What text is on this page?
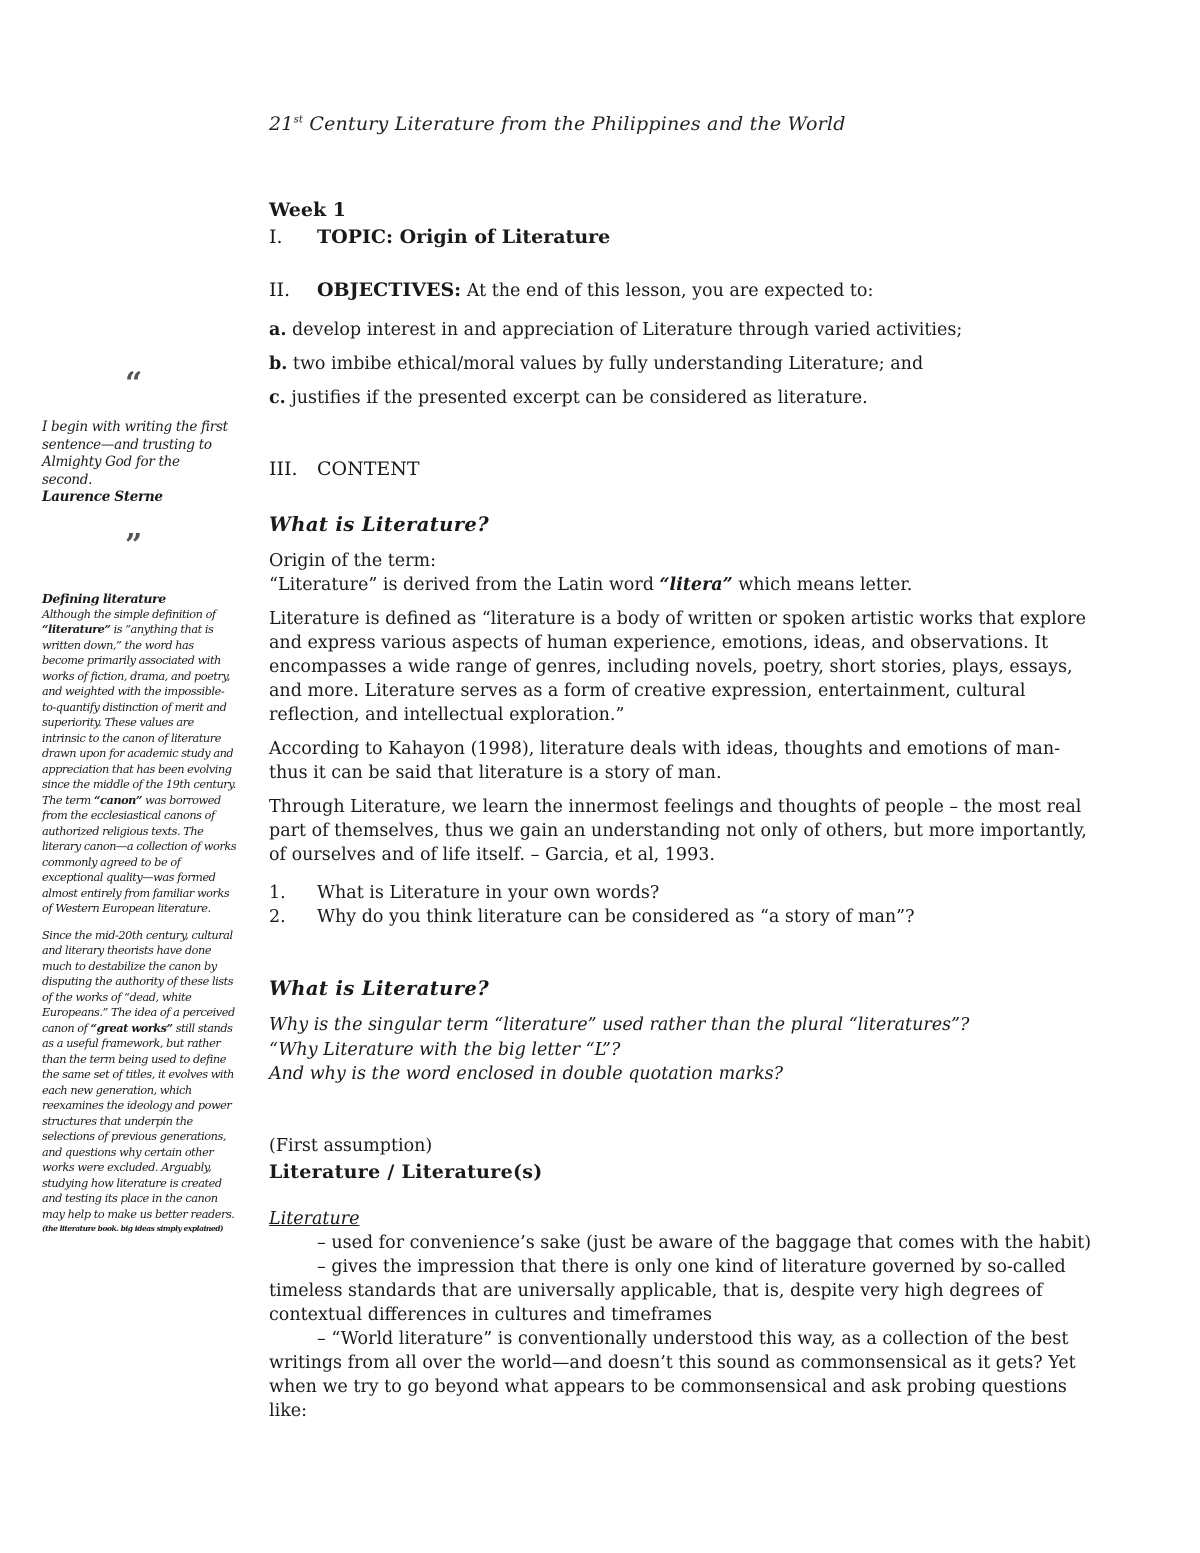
21st Century Literature from the Philippines and the World
“
I begin with writing the first sentence—and trusting to Almighty God for the second.
Laurence Sterne
”
Defining literature

Although the simple definition of “literature” is “anything that is written down,” the word has become primarily associated with works of fiction, drama, and poetry, and weighted with the impossible-to-quantify distinction of merit and superiority. These values are intrinsic to the canon of literature drawn upon for academic study and appreciation that has been evolving since the middle of the 19th century.

The term “canon” was borrowed from the ecclesiastical canons of authorized religious texts. The literary canon—a collection of works commonly agreed to be of exceptional quality—was formed almost entirely from familiar works of Western European literature.

Since the mid-20th century, cultural and literary theorists have done much to destabilize the canon by disputing the authority of these lists of the works of “dead, white Europeans.” The idea of a perceived canon of “great works” still stands as a useful framework, but rather than the term being used to define the same set of titles, it evolves with each new generation, which reexamines the ideology and power structures that underpin the selections of previous generations, and questions why certain other works were excluded. Arguably, studying how literature is created and testing its place in the canon may help to make us better readers.

(the literature book. big ideas simply explained)
Week 1
I.	TOPIC: Origin of Literature
II.	OBJECTIVES: At the end of this lesson, you are expected to:

a. develop interest in and appreciation of Literature through varied activities;

b. two imbibe ethical/moral values by fully understanding Literature; and

c. justifies if the presented excerpt can be considered as literature.

III.	CONTENT
What is Literature?
Origin of the term:
“Literature” is derived from the Latin word “litera” which means letter.

Literature is defined as “literature is a body of written or spoken artistic works that explore and express various aspects of human experience, emotions, ideas, and observations. It encompasses a wide range of genres, including novels, poetry, short stories, plays, essays, and more. Literature serves as a form of creative expression, entertainment, cultural reflection, and intellectual exploration.”

According to Kahayon (1998), literature deals with ideas, thoughts and emotions of man- thus it can be said that literature is a story of man.

Through Literature, we learn the innermost feelings and thoughts of people – the most real part of themselves, thus we gain an understanding not only of others, but more importantly, of ourselves and of life itself. – Garcia, et al, 1993.

1.	What is Literature in your own words?
2.	Why do you think literature can be considered as “a story of man”?
What is Literature?
Why is the singular term “literature” used rather than the plural “literatures”?
“Why Literature with the big letter “L”?
And why is the word enclosed in double quotation marks?
(First assumption)
Literature / Literature(s)
Literature
– used for convenience’s sake (just be aware of the baggage that comes with the habit)
– gives the impression that there is only one kind of literature governed by so-called timeless standards that are universally applicable, that is, despite very high degrees of contextual differences in cultures and timeframes
– “World literature” is conventionally understood this way, as a collection of the best writings from all over the world—and doesn’t this sound as commonsensical as it gets? Yet when we try to go beyond what appears to be commonsensical and ask probing questions like:
